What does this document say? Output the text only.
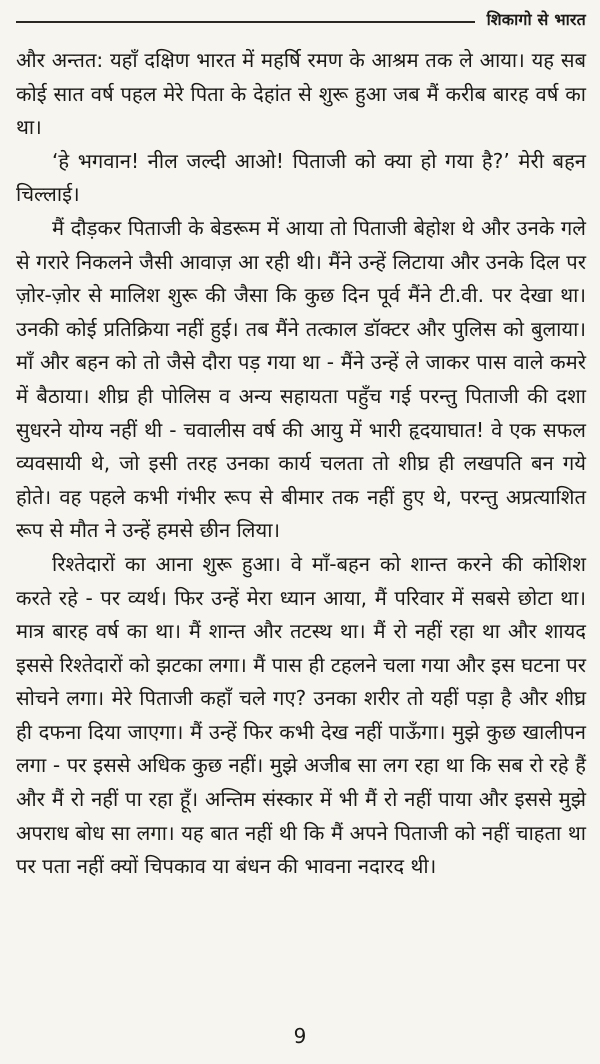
शिकागो से भारत

और अन्तत: यहाँ दक्षिण भारत में महर्षि रमण के आश्रम तक ले आया। यह सब कोई सात वर्ष पहल मेरे पिता के देहांत से शुरू हुआ जब मैं करीब बारह वर्ष का था।

‘हे भगवान! नील जल्दी आओ! पिताजी को क्या हो गया है?’ मेरी बहन चिल्लाई।

मैं दौड़कर पिताजी के बेडरूम में आया तो पिताजी बेहोश थे और उनके गले से गरारे निकलने जैसी आवाज़ आ रही थी। मैंने उन्हें लिटाया और उनके दिल पर ज़ोर-ज़ोर से मालिश शुरू की जैसा कि कुछ दिन पूर्व मैंने टी.वी. पर देखा था। उनकी कोई प्रतिक्रिया नहीं हुई। तब मैंने तत्काल डॉक्टर और पुलिस को बुलाया। माँ और बहन को तो जैसे दौरा पड़ गया था - मैंने उन्हें ले जाकर पास वाले कमरे में बैठाया। शीघ्र ही पोलिस व अन्य सहायता पहुँच गई परन्तु पिताजी की दशा सुधरने योग्य नहीं थी - चवालीस वर्ष की आयु में भारी हृदयाघात! वे एक सफल व्यवसायी थे, जो इसी तरह उनका कार्य चलता तो शीघ्र ही लखपति बन गये होते। वह पहले कभी गंभीर रूप से बीमार तक नहीं हुए थे, परन्तु अप्रत्याशित रूप से मौत ने उन्हें हमसे छीन लिया।

रिश्तेदारों का आना शुरू हुआ। वे माँ-बहन को शान्त करने की कोशिश करते रहे - पर व्यर्थ। फिर उन्हें मेरा ध्यान आया, मैं परिवार में सबसे छोटा था। मात्र बारह वर्ष का था। मैं शान्त और तटस्थ था। मैं रो नहीं रहा था और शायद इससे रिश्तेदारों को झटका लगा। मैं पास ही टहलने चला गया और इस घटना पर सोचने लगा। मेरे पिताजी कहाँ चले गए? उनका शरीर तो यहीं पड़ा है और शीघ्र ही दफना दिया जाएगा। मैं उन्हें फिर कभी देख नहीं पाऊँगा। मुझे कुछ खालीपन लगा - पर इससे अधिक कुछ नहीं। मुझे अजीब सा लग रहा था कि सब रो रहे हैं और मैं रो नहीं पा रहा हूँ। अन्तिम संस्कार में भी मैं रो नहीं पाया और इससे मुझे अपराध बोध सा लगा। यह बात नहीं थी कि मैं अपने पिताजी को नहीं चाहता था पर पता नहीं क्यों चिपकाव या बंधन की भावना नदारद थी।

9
